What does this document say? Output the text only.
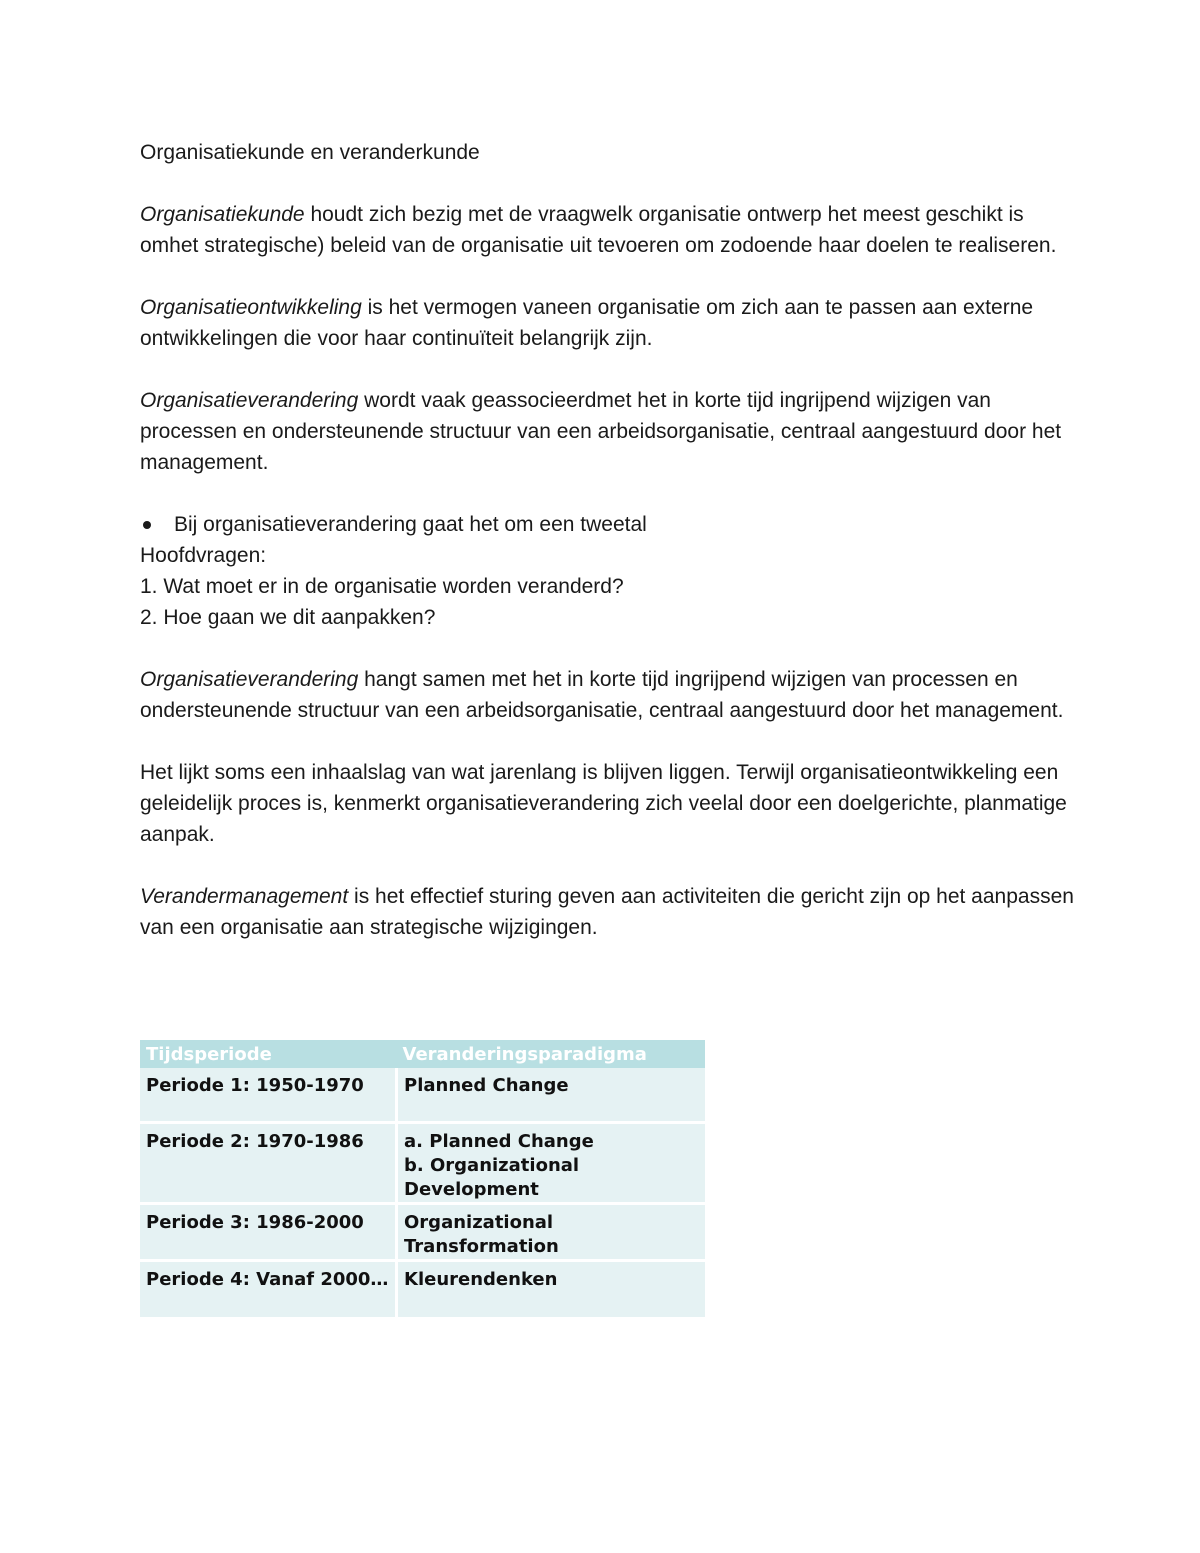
Organisatiekunde en veranderkunde

Organisatiekunde houdt zich bezig met de vraagwelk organisatie ontwerp het meest geschikt is omhet strategische) beleid van de organisatie uit tevoeren om zodoende haar doelen te realiseren.

Organisatieontwikkeling is het vermogen vaneen organisatie om zich aan te passen aan externe ontwikkelingen die voor haar continuïteit belangrijk zijn.

Organisatieverandering wordt vaak geassocieerdmet het in korte tijd ingrijpend wijzigen van processen en ondersteunende structuur van een arbeidsorganisatie, centraal aangestuurd door het management.

Bij organisatieverandering gaat het om een tweetal

Hoofdvragen:

1. Wat moet er in de organisatie worden veranderd?

2. Hoe gaan we dit aanpakken?

Organisatieverandering hangt samen met het in korte tijd ingrijpend wijzigen van processen en ondersteunende structuur van een arbeidsorganisatie, centraal aangestuurd door het management.

Het lijkt soms een inhaalslag van wat jarenlang is blijven liggen. Terwijl organisatieontwikkeling een geleidelijk proces is, kenmerkt organisatieverandering zich veelal door een doelgerichte, planmatige aanpak.

Verandermanagement is het effectief sturing geven aan activiteiten die gericht zijn op het aanpassen van een organisatie aan strategische wijzigingen.

Tijdsperiode	Veranderingsparadigma
Periode 1: 1950-1970	Planned Change

Periode 2: 1970-1986	a. Planned Change
b. Organizational Development

Periode 3: 1986-2000	Organizational Transformation

Periode 4: Vanaf 2000…	Kleurendenken
